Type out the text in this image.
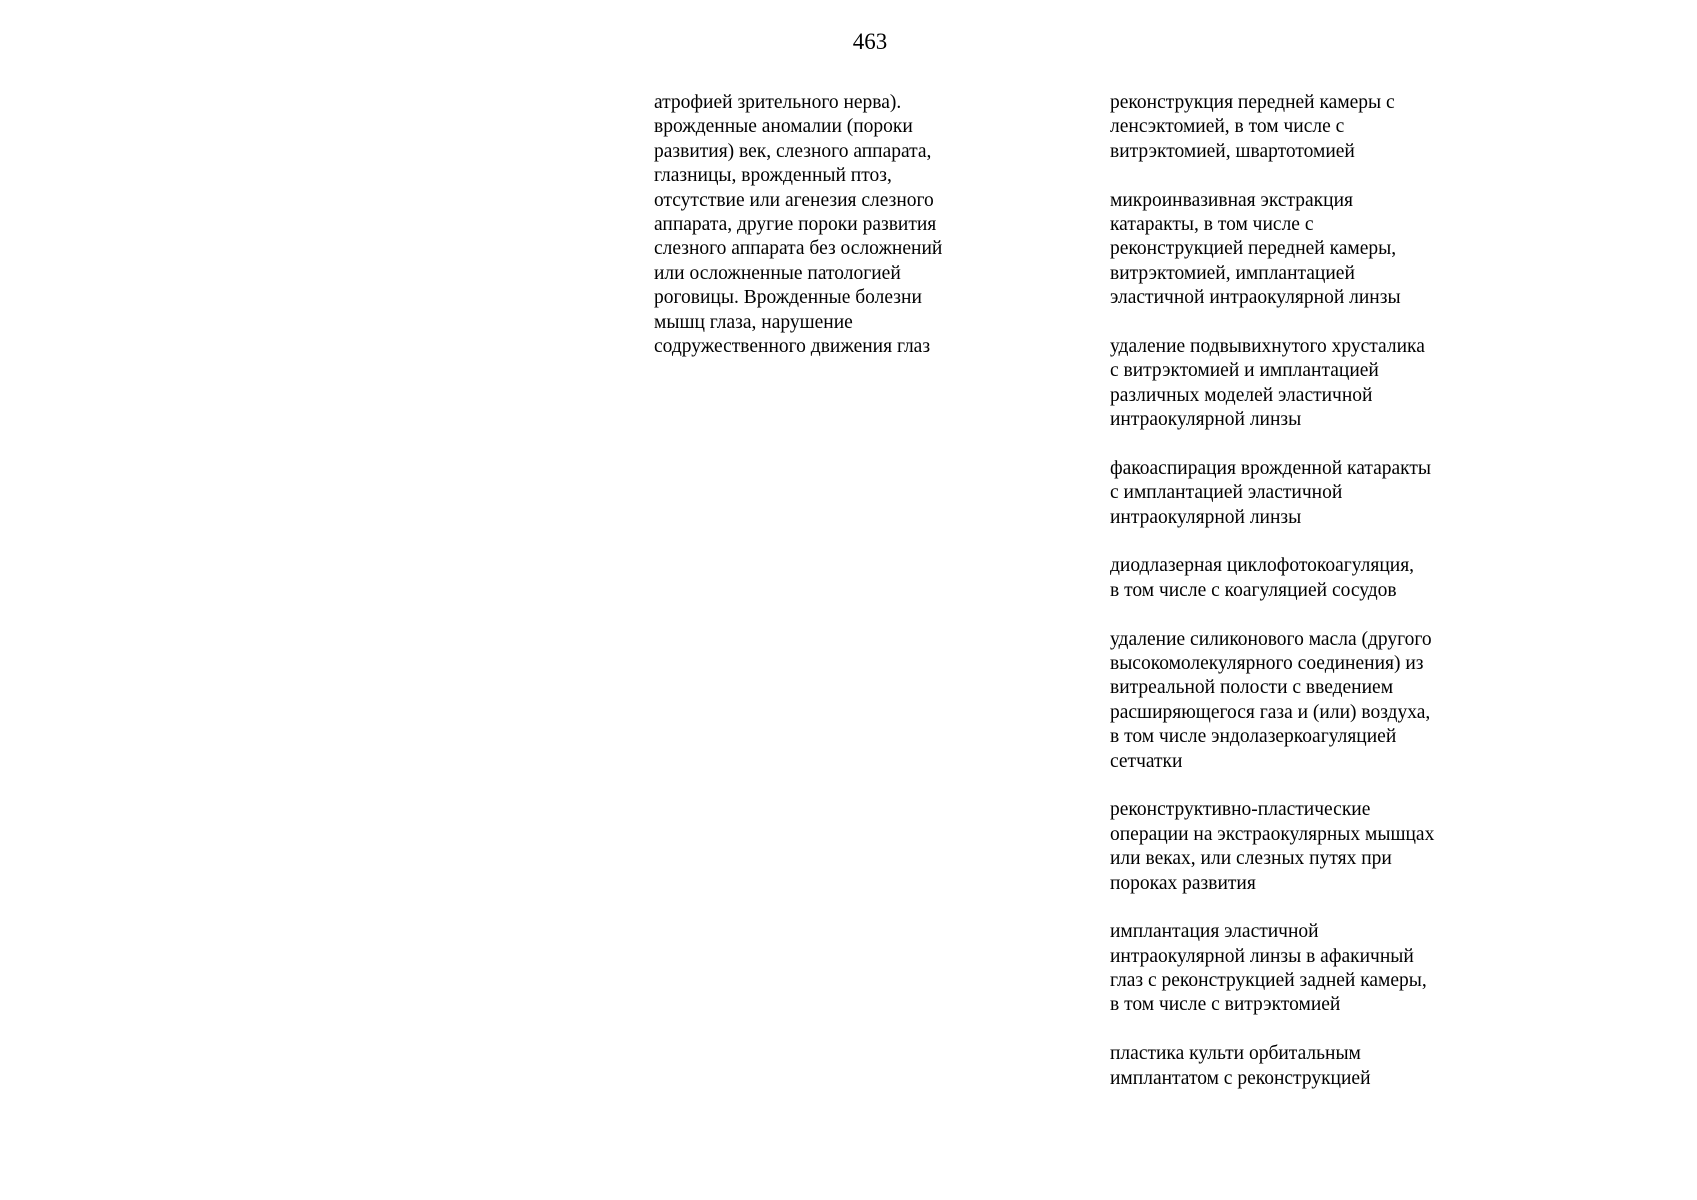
463
атрофией зрительного нерва).
врожденные аномалии (пороки
развития) век, слезного аппарата,
глазницы, врожденный птоз,
отсутствие или агенезия слезного
аппарата, другие пороки развития
слезного аппарата без осложнений
или осложненные патологией
роговицы. Врожденные болезни
мышц глаза, нарушение
содружественного движения глаз
реконструкция передней камеры с
ленсэктомией, в том числе с
витрэктомией, швартотомией
микроинвазивная экстракция
катаракты, в том числе с
реконструкцией передней камеры,
витрэктомией, имплантацией
эластичной интраокулярной линзы
удаление подвывихнутого хрусталика
с витрэктомией и имплантацией
различных моделей эластичной
интраокулярной линзы
факоаспирация врожденной катаракты
с имплантацией эластичной
интраокулярной линзы
диодлазерная циклофотокоагуляция,
в том числе с коагуляцией сосудов
удаление силиконового масла (другого
высокомолекулярного соединения) из
витреальной полости с введением
расширяющегося газа и (или) воздуха,
в том числе эндолазеркоагуляцией
сетчатки
реконструктивно-пластические
операции на экстраокулярных мышцах
или веках, или слезных путях при
пороках развития
имплантация эластичной
интраокулярной линзы в афакичный
глаз с реконструкцией задней камеры,
в том числе с витрэктомией
пластика культи орбитальным
имплантатом с реконструкцией
